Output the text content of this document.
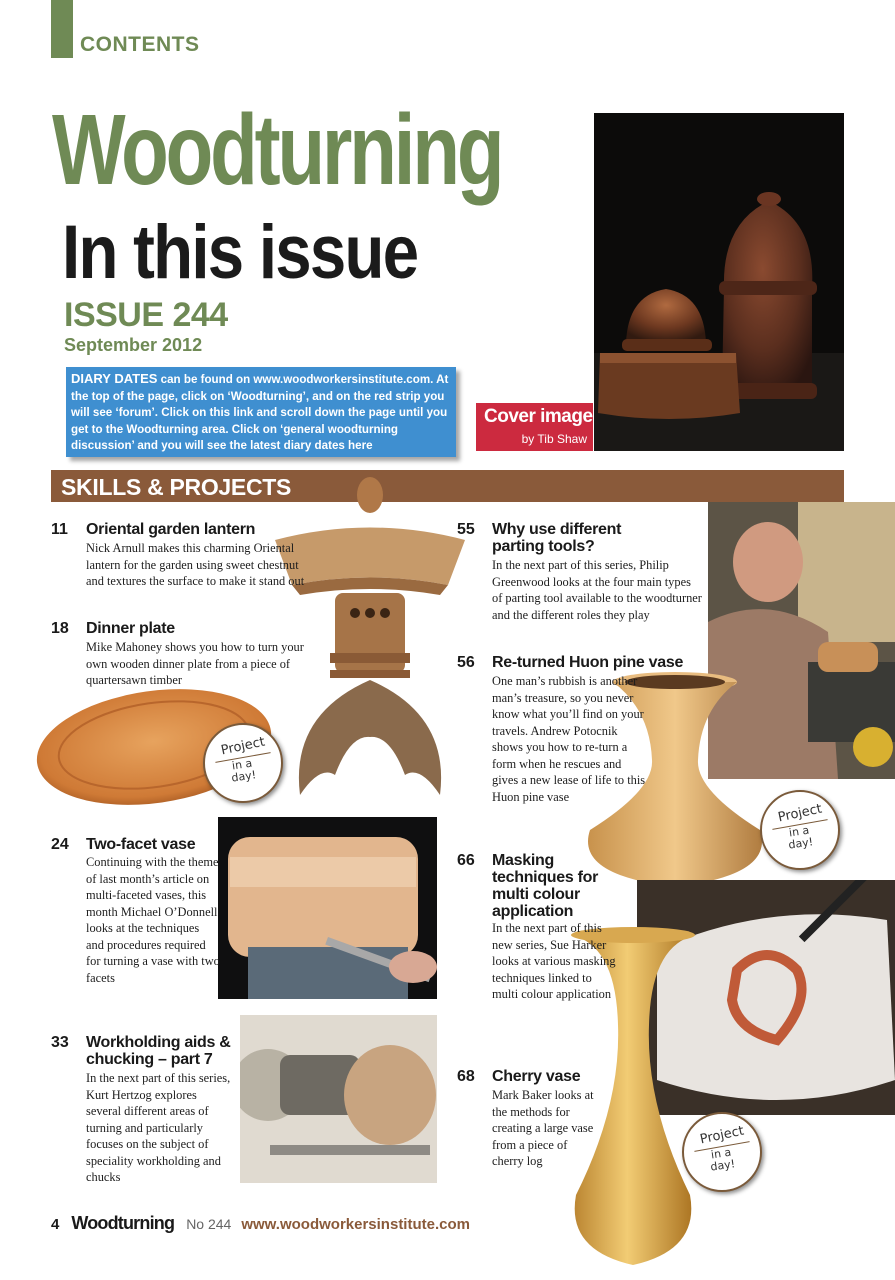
CONTENTS
Woodturning
In this issue
ISSUE 244
September 2012
DIARY DATES can be found on www.woodworkersinstitute.com. At the top of the page, click on ‘Woodturning’, and on the red strip you will see ‘forum’. Click on this link and scroll down the page until you get to the Woodturning area. Click on ‘general woodturning discussion’ and you will see the latest diary dates here
Cover image
by Tib Shaw
SKILLS & PROJECTS
Project
in a
day!
Project
in a
day!
Project
in a
day!
11 Oriental garden lantern
Nick Arnull makes this charming Oriental lantern for the garden using sweet chestnut and textures the surface to make it stand out
18 Dinner plate
Mike Mahoney shows you how to turn your own wooden dinner plate from a piece of quartersawn timber
24 Two-facet vase
Continuing with the theme of last month’s article on multi-faceted vases, this month Michael O’Donnell looks at the techniques and procedures required for turning a vase with two facets
33 Workholding aids & chucking – part 7
In the next part of this series, Kurt Hertzog explores several different areas of turning and particularly focuses on the subject of speciality workholding and chucks
55 Why use different parting tools?
In the next part of this series, Philip Greenwood looks at the four main types of parting tool available to the woodturner and the different roles they play
56 Re-turned Huon pine vase
One man’s rubbish is another man’s treasure, so you never know what you’ll find on your travels. Andrew Potocnik shows you how to re-turn a form when he rescues and gives a new lease of life to this Huon pine vase
66 Masking techniques for multi colour application
In the next part of this new series, Sue Harker looks at various masking techniques linked to multi colour application
68 Cherry vase
Mark Baker looks at the methods for creating a large vase from a piece of cherry log
4 Woodturning No 244 www.woodworkersinstitute.com
